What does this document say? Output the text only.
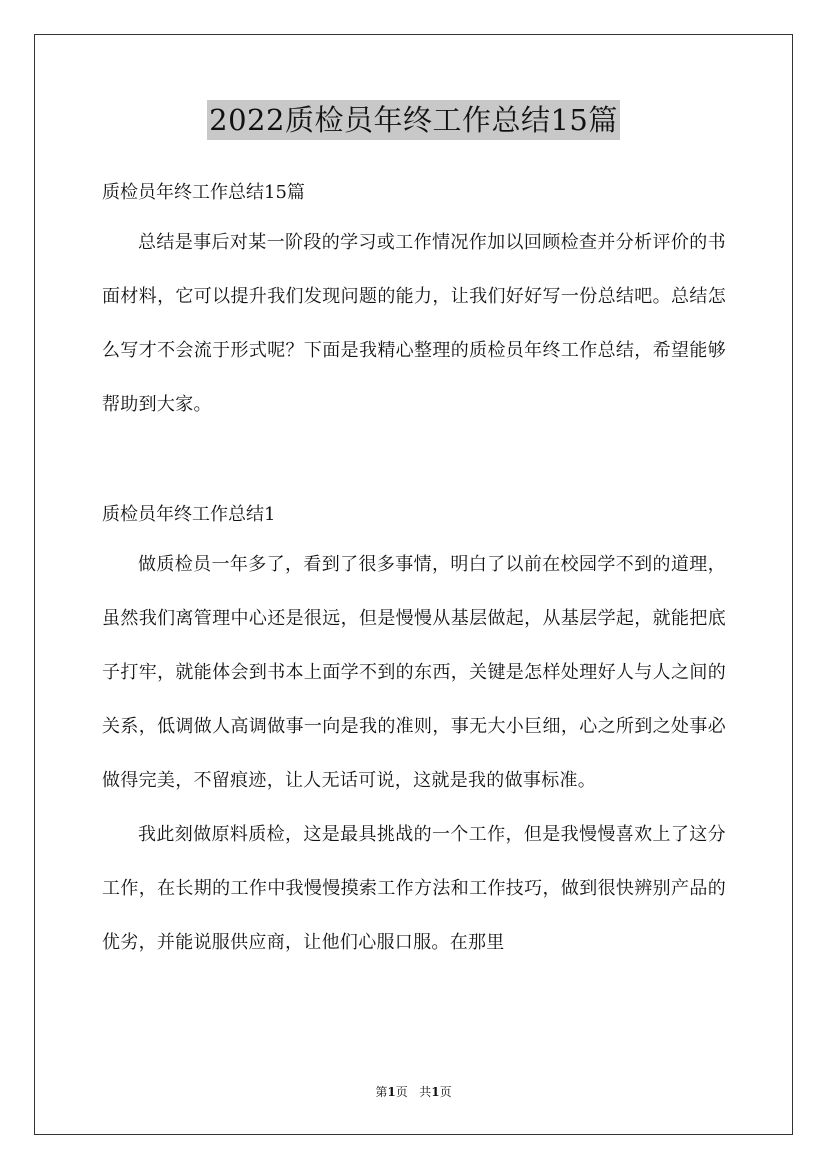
2022质检员年终工作总结15篇

质检员年终工作总结15篇

总结是事后对某一阶段的学习或工作情况作加以回顾检查并分析评价的书面材料，它可以提升我们发现问题的能力，让我们好好写一份总结吧。总结怎么写才不会流于形式呢？下面是我精心整理的质检员年终工作总结，希望能够帮助到大家。

质检员年终工作总结1

做质检员一年多了，看到了很多事情，明白了以前在校园学不到的道理，虽然我们离管理中心还是很远，但是慢慢从基层做起，从基层学起，就能把底子打牢，就能体会到书本上面学不到的东西，关键是怎样处理好人与人之间的关系，低调做人高调做事一向是我的准则，事无大小巨细，心之所到之处事必做得完美，不留痕迹，让人无话可说，这就是我的做事标准。

我此刻做原料质检，这是最具挑战的一个工作，但是我慢慢喜欢上了这分工作，在长期的工作中我慢慢摸索工作方法和工作技巧，做到很快辨别产品的优劣，并能说服供应商，让他们心服口服。在那里

第1页 共1页
